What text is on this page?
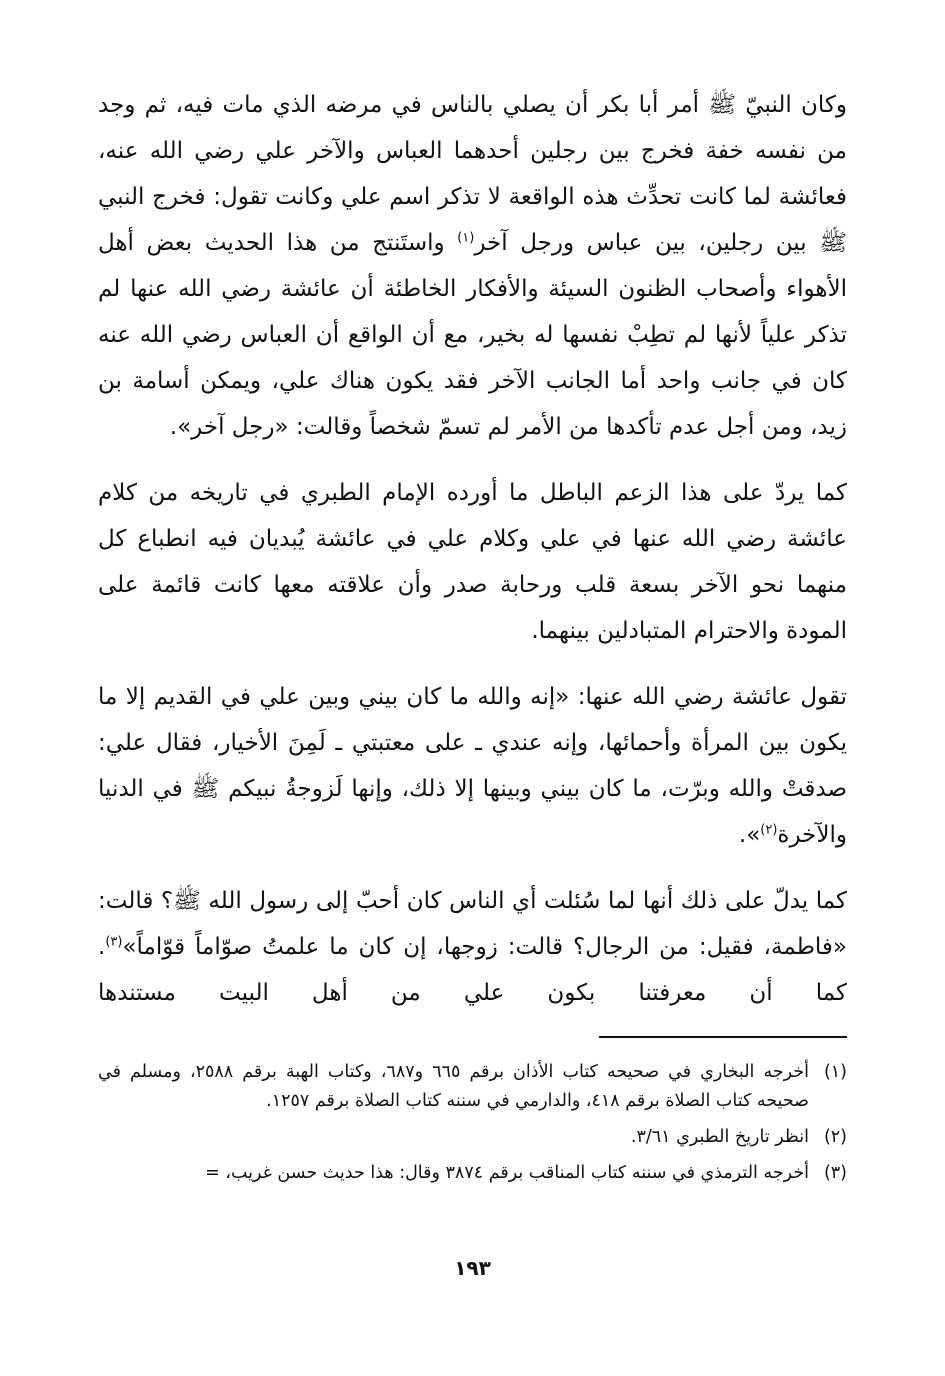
وكان النبيّ ﷺ أمر أبا بكر أن يصلي بالناس في مرضه الذي مات فيه، ثم وجد من نفسه خفة فخرج بين رجلين أحدهما العباس والآخر علي رضي الله عنه، فعائشة لما كانت تحدِّث هذه الواقعة لا تذكر اسم علي وكانت تقول: فخرج النبي ﷺ بين رجلين، بين عباس ورجل آخر$^{(١)}$ واستَنتج من هذا الحديث بعض أهل الأهواء وأصحاب الظنون السيئة والأفكار الخاطئة أن عائشة رضي الله عنها لم تذكر علياً لأنها لم تطِبْ نفسها له بخير، مع أن الواقع أن العباس رضي الله عنه كان في جانب واحد أما الجانب الآخر فقد يكون هناك علي، ويمكن أسامة بن زيد، ومن أجل عدم تأكدها من الأمر لم تسمّ شخصاً وقالت: «رجل آخر».

كما يردّ على هذا الزعم الباطل ما أورده الإمام الطبري في تاريخه من كلام عائشة رضي الله عنها في علي وكلام علي في عائشة يُبديان فيه انطباع كل منهما نحو الآخر بسعة قلب ورحابة صدر وأن علاقته معها كانت قائمة على المودة والاحترام المتبادلين بينهما.

تقول عائشة رضي الله عنها: «إنه والله ما كان بيني وبين علي في القديم إلا ما يكون بين المرأة وأحمائها، وإنه عندي ـ على معتبتي ـ لَمِنَ الأخيار، فقال علي: صدقتْ والله وبرّت، ما كان بيني وبينها إلا ذلك، وإنها لَزوجةُ نبيكم ﷺ في الدنيا والآخرة$^{(٢)}$».

كما يدلّ على ذلك أنها لما سُئلت أي الناس كان أحبّ إلى رسول الله ﷺ؟ قالت: «فاطمة، فقيل: من الرجال؟ قالت: زوجها، إن كان ما علمتُ صوّاماً قوّاماً»$^{(٣)}$. كما أن معرفتنا بكون علي من أهل البيت مستندها

(١)
أخرجه البخاري في صحيحه كتاب الأذان برقم ٦٦٥ و٦٨٧، وكتاب الهبة برقم ٢٥٨٨، ومسلم في صحيحه كتاب الصلاة برقم ٤١٨، والدارمي في سننه كتاب الصلاة برقم ١٢٥٧.
(٢)
انظر تاريخ الطبري ٣/٦١.
(٣)
أخرجه الترمذي في سننه كتاب المناقب برقم ٣٨٧٤ وقال: هذا حديث حسن غريب، =
١٩٣
